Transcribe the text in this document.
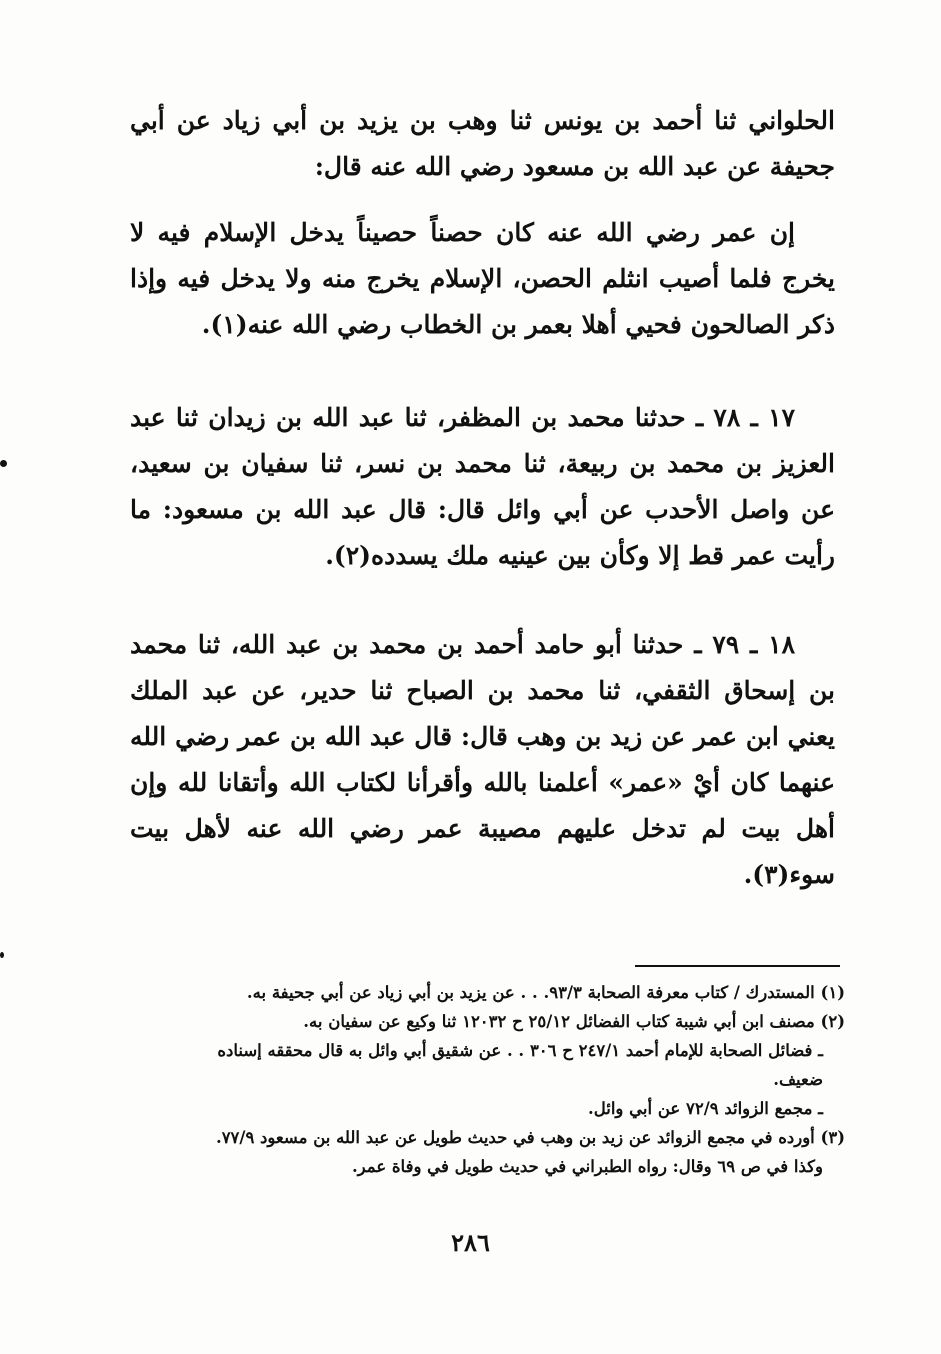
الحلواني ثنا أحمد بن يونس ثنا وهب بن يزيد بن أبي زياد عن أبي جحيفة عن عبد الله بن مسعود رضي الله عنه قال:

إن عمر رضي الله عنه كان حصناً حصيناً يدخل الإسلام فيه لا يخرج فلما أصيب انثلم الحصن، الإسلام يخرج منه ولا يدخل فيه وإذا ذكر الصالحون فحيي أهلا بعمر بن الخطاب رضي الله عنه(١).

١٧ ـ ٧٨ ـ حدثنا محمد بن المظفر، ثنا عبد الله بن زيدان ثنا عبد العزيز بن محمد بن ربيعة، ثنا محمد بن نسر، ثنا سفيان بن سعيد، عن واصل الأحدب عن أبي وائل قال: قال عبد الله بن مسعود: ما رأيت عمر قط إلا وكأن بين عينيه ملك يسدده(٢).

١٨ ـ ٧٩ ـ حدثنا أبو حامد أحمد بن محمد بن عبد الله، ثنا محمد بن إسحاق الثقفي، ثنا محمد بن الصباح ثنا حدير، عن عبد الملك يعني ابن عمر عن زيد بن وهب قال: قال عبد الله بن عمر رضي الله عنهما كان أيْ «عمر» أعلمنا بالله وأقرأنا لكتاب الله وأتقانا لله وإن أهل بيت لم تدخل عليهم مصيبة عمر رضي الله عنه لأهل بيت سوء(٣).

(١) المستدرك / كتاب معرفة الصحابة ٩٣/٣. . . عن يزيد بن أبي زياد عن أبي جحيفة به.

(٢) مصنف ابن أبي شيبة كتاب الفضائل ٢٥/١٢ ح ١٢٠٣٢ ثنا وكيع عن سفيان به.

ـ فضائل الصحابة للإمام أحمد ٢٤٧/١ ح ٣٠٦ . . عن شقيق أبي وائل به قال محققه إسناده

ضعيف.

ـ مجمع الزوائد ٧٢/٩ عن أبي وائل.

(٣) أورده في مجمع الزوائد عن زيد بن وهب في حديث طويل عن عبد الله بن مسعود ٧٧/٩.

وكذا في ص ٦٩ وقال: رواه الطبراني في حديث طويل في وفاة عمر.

٢٨٦
